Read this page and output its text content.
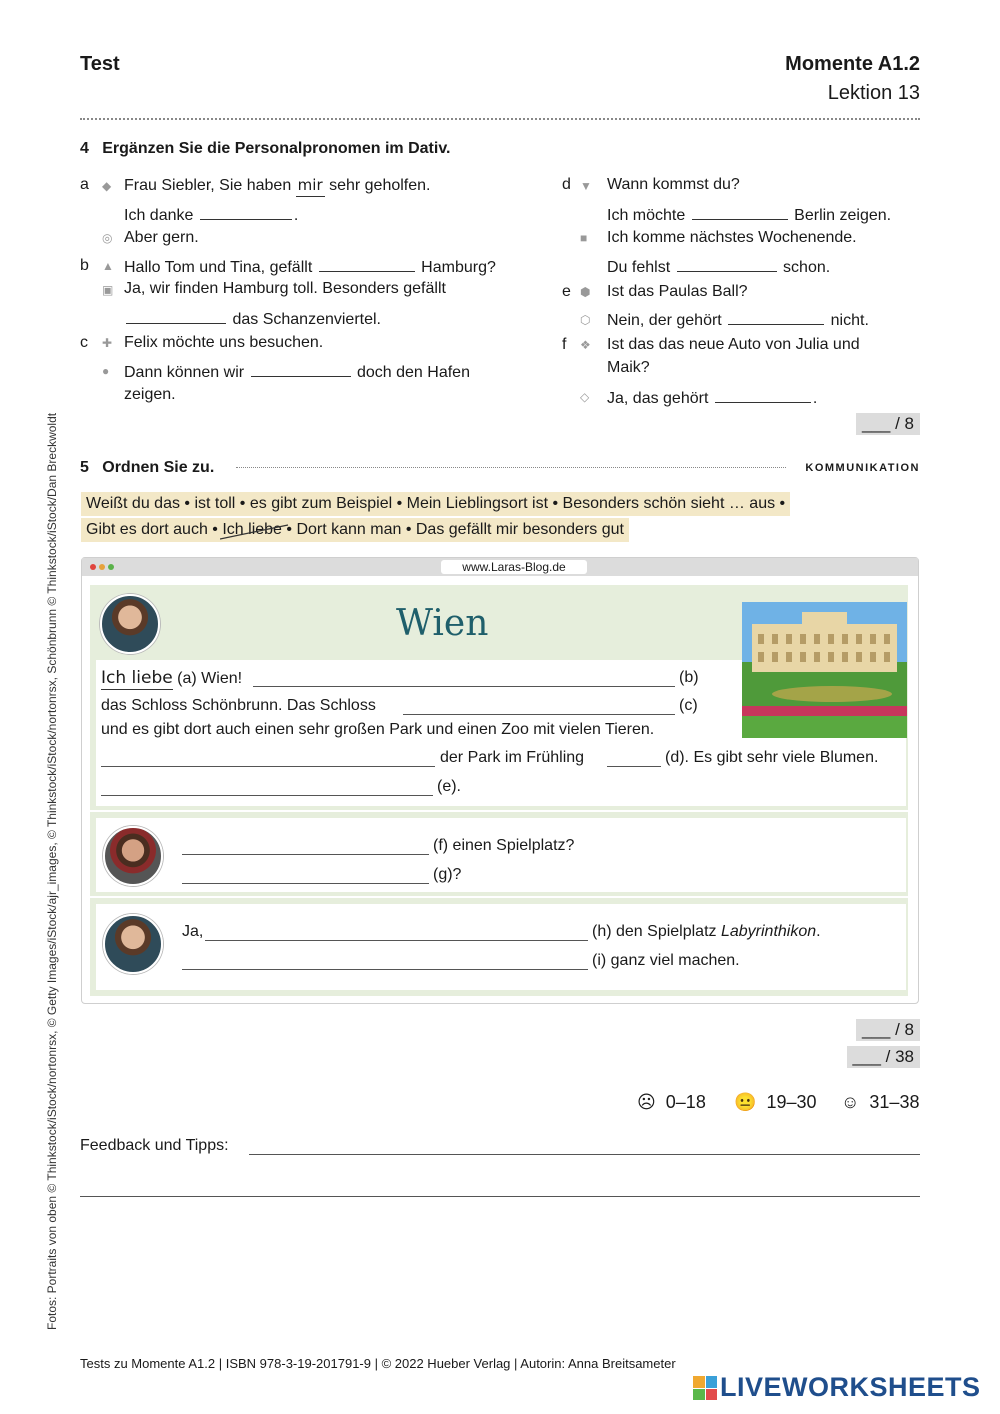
Test	Momente A1.2
Lektion 13
Fotos: Portraits von oben © Thinkstock/iStock/nortonrsx, © Getty Images/iStock/ajr_images, © Thinkstock/iStock/nortonrsx, Schönbrunn © Thinkstock/iStock/Dan Breckwoldt
4 Ergänzen Sie die Personalpronomen im Dativ.
a ◆ Frau Siebler, Sie haben mir sehr geholfen.
Ich danke	.
◎ Aber gern.
b ▲ Hallo Tom und Tina, gefällt	Hamburg?
▣ Ja, wir finden Hamburg toll. Besonders gefällt
das Schanzenviertel.
c ✚ Felix möchte uns besuchen.
● Dann können wir	doch den Hafen
zeigen.
d ▼ Wann kommst du?
Ich möchte	Berlin zeigen.
■ Ich komme nächstes Wochenende.
Du fehlst	schon.
e ⬢ Ist das Paulas Ball?
⬡ Nein, der gehört	nicht.
f ❖ Ist das das neue Auto von Julia und
Maik?
◇ Ja, das gehört	.
___ / 8
5 Ordnen Sie zu.	KOMMUNIKATION
Weißt du das • ist toll • es gibt zum Beispiel • Mein Lieblingsort ist • Besonders schön sieht … aus •
Gibt es dort auch • Ich liebe • Dort kann man • Das gefällt mir besonders gut
www.Laras-Blog.de
Wien
Ich liebe (a) Wien!	(b)
das Schloss Schönbrunn. Das Schloss	(c)
und es gibt dort auch einen sehr großen Park und einen Zoo mit vielen Tieren.
der Park im Frühling	(d). Es gibt sehr viele Blumen.
(e).
(f) einen Spielplatz?
(g)?
Ja,	(h) den Spielplatz Labyrinthikon.
(i) ganz viel machen.
___ / 8
___ / 38
☹ 0–18 😐 19–30 ☺ 31–38
Feedback und Tipps:
Tests zu Momente A1.2 | ISBN 978-3-19-201791-9 | © 2022 Hueber Verlag | Autorin: Anna Breitsameter
LIVEWORKSHEETS
